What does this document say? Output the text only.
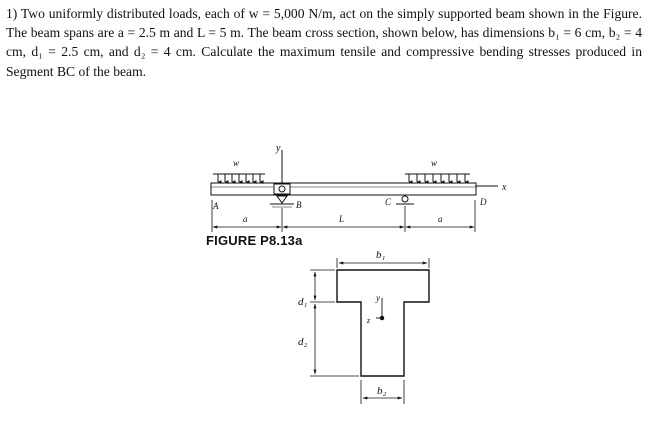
1) Two uniformly distributed loads, each of w = 5,000 N/m, act on the simply supported beam shown in the Figure. The beam spans are a = 2.5 m and L = 5 m. The beam cross section, shown below, has dimensions b₁ = 6 cm, b₂ = 4 cm, d₁ = 2.5 cm, and d₂ = 4 cm. Calculate the maximum tensile and compressive bending stresses produced in Segment BC of the beam.
w	w
y
x
A	B	C	D
a	L	a
b₁
b₂
d₁
d₂
y
z
FIGURE P8.13a
